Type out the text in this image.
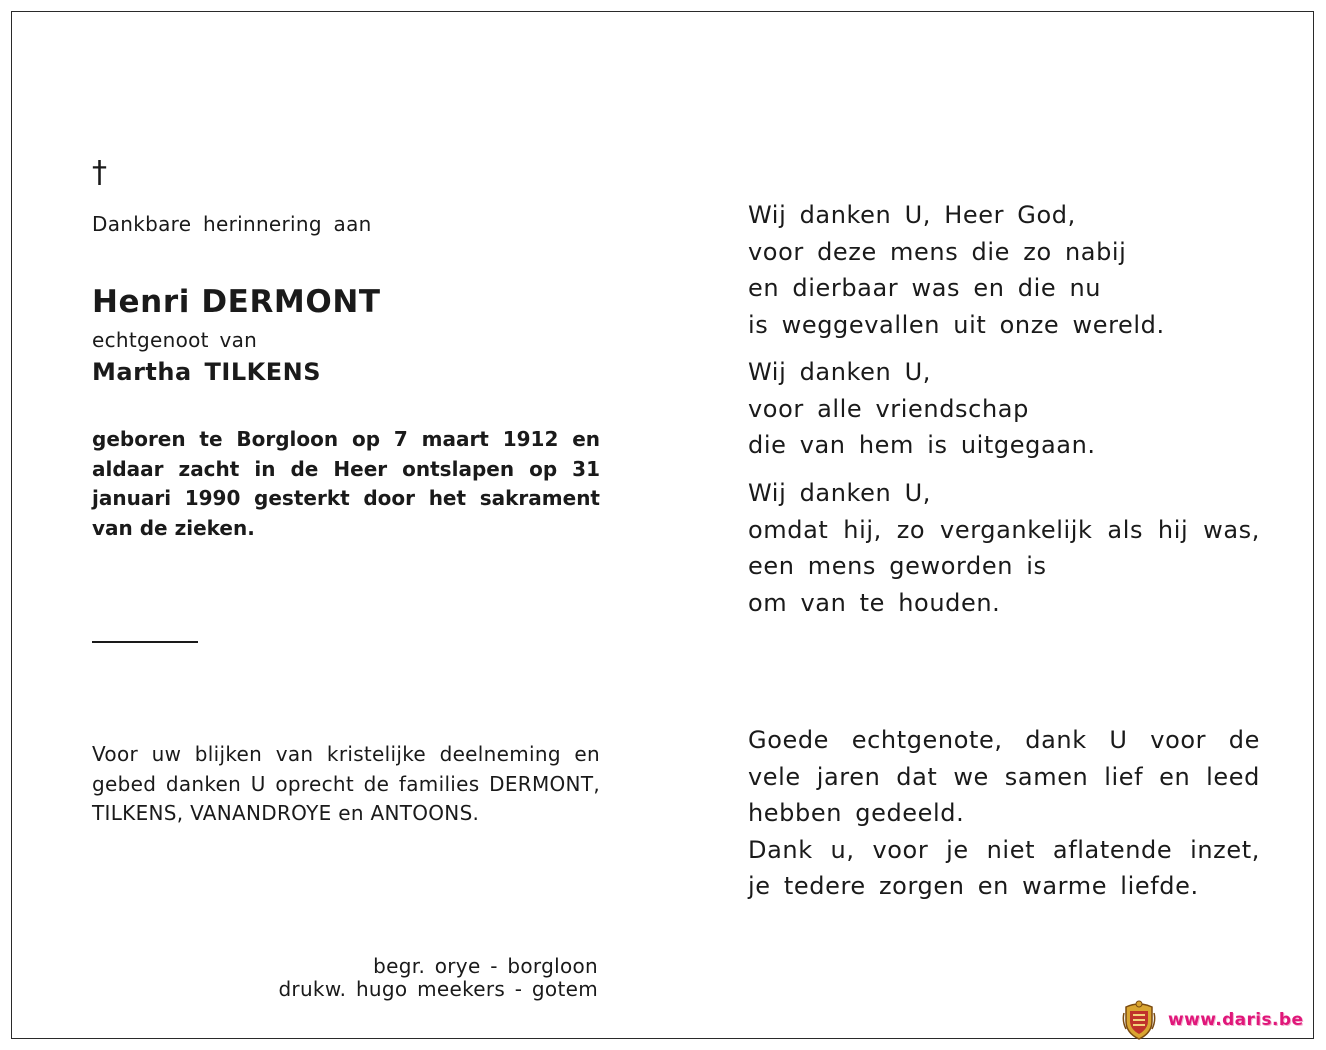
†
Dankbare herinnering aan
Henri DERMONT
echtgenoot van
Martha TILKENS
geboren te Borgloon op 7 maart 1912 en aldaar zacht in de Heer ontslapen op 31 januari 1990 gesterkt door het sakrament van de zieken.
Voor uw blijken van kristelijke deelneming en gebed danken U oprecht de families DERMONT, TILKENS, VANANDROYE en ANTOONS.
begr. orye - borgloon
drukw. hugo meekers - gotem
Wij danken U, Heer God,
voor deze mens die zo nabij
en dierbaar was en die nu
is weggevallen uit onze wereld.
Wij danken U,
voor alle vriendschap
die van hem is uitgegaan.
Wij danken U,
omdat hij, zo vergankelijk als hij was,
een mens geworden is
om van te houden.
Goede echtgenote, dank U voor de
vele jaren dat we samen lief en leed
hebben gedeeld.
Dank u, voor je niet aflatende inzet,
je tedere zorgen en warme liefde.
www.daris.be
